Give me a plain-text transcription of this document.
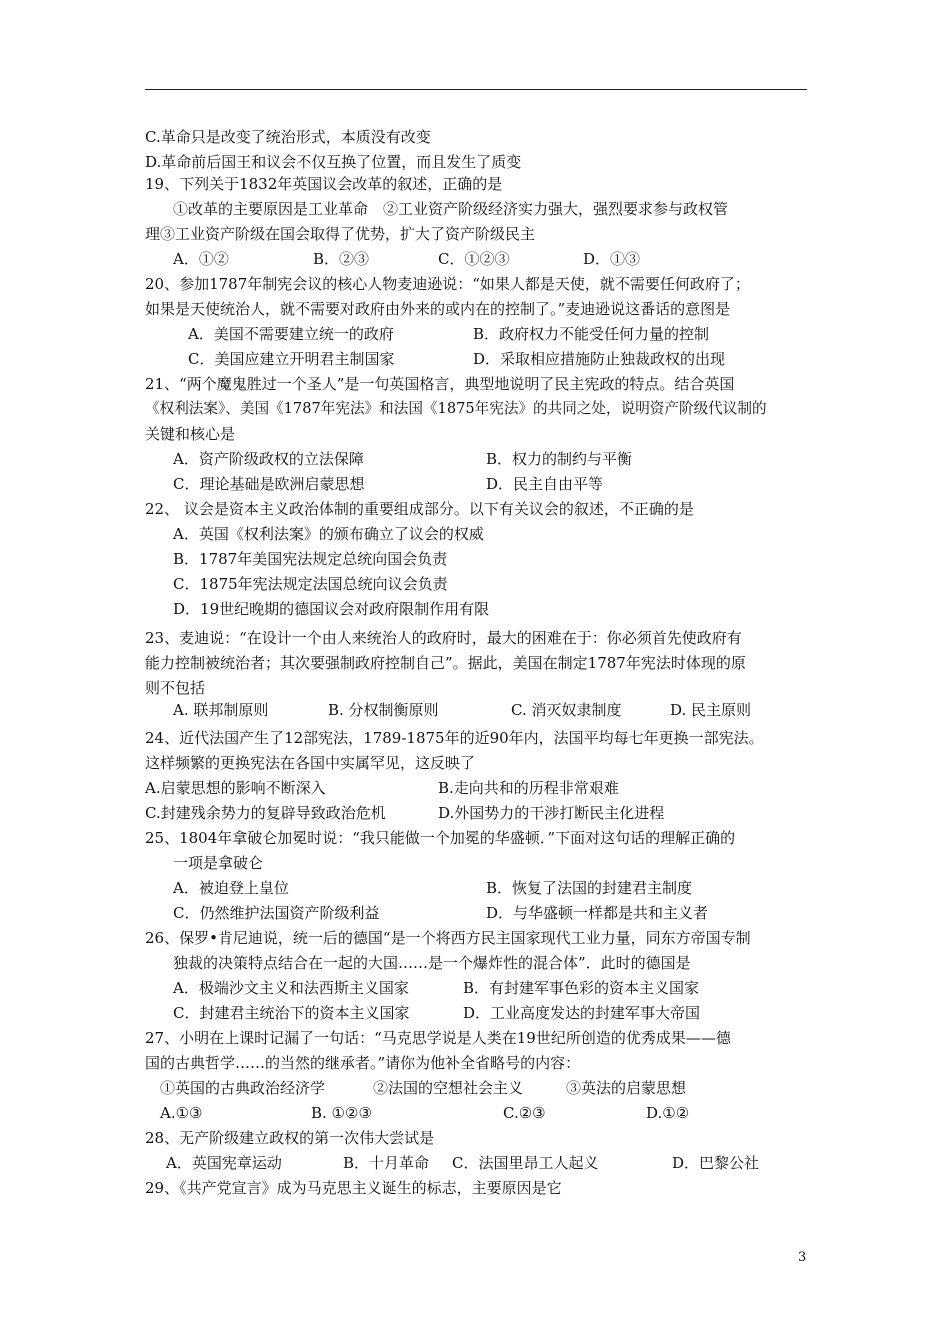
C.革命只是改变了统治形式，本质没有改变
D.革命前后国王和议会不仅互换了位置，而且发生了质变
19、下列关于1832年英国议会改革的叙述，正确的是
①改革的主要原因是工业革命　②工业资产阶级经济实力强大，强烈要求参与政权管
理③工业资产阶级在国会取得了优势，扩大了资产阶级民主
A．①②	B．②③	C．①②③	D．①③
20、参加1787年制宪会议的核心人物麦迪逊说：“如果人都是天使，就不需要任何政府了；
如果是天使统治人，就不需要对政府由外来的或内在的控制了。”麦迪逊说这番话的意图是
A．美国不需要建立统一的政府	B．政府权力不能受任何力量的控制
C．美国应建立开明君主制国家	D．采取相应措施防止独裁政权的出现
21、“两个魔鬼胜过一个圣人”是一句英国格言，典型地说明了民主宪政的特点。结合英国
《权利法案》、美国《1787年宪法》和法国《1875年宪法》的共同之处，说明资产阶级代议制的
关键和核心是
A．资产阶级政权的立法保障	B．权力的制约与平衡
C．理论基础是欧洲启蒙思想	D．民主自由平等
22、 议会是资本主义政治体制的重要组成部分。以下有关议会的叙述，不正确的是
A．英国《权利法案》的颁布确立了议会的权威
B．1787年美国宪法规定总统向国会负责
C．1875年宪法规定法国总统向议会负责
D．19世纪晚期的德国议会对政府限制作用有限
23、麦迪说：“在设计一个由人来统治人的政府时，最大的困难在于：你必须首先使政府有
能力控制被统治者；其次要强制政府控制自己”。据此，美国在制定1787年宪法时体现的原
则不包括
A. 联邦制原则	B. 分权制衡原则	C. 消灭奴隶制度	D. 民主原则
24、近代法国产生了12部宪法，1789-1875年的近90年内，法国平均每七年更换一部宪法。
这样频繁的更换宪法在各国中实属罕见，这反映了
A.启蒙思想的影响不断深入	B.走向共和的历程非常艰难
C.封建残余势力的复辟导致政治危机	D.外国势力的干涉打断民主化进程
25、1804年拿破仑加冕时说：“我只能做一个加冕的华盛顿．”下面对这句话的理解正确的
一项是拿破仑
A．被迫登上皇位	B．恢复了法国的封建君主制度
C．仍然维护法国资产阶级利益	D．与华盛顿一样都是共和主义者
26、保罗•肯尼迪说，统一后的德国“是一个将西方民主国家现代工业力量，同东方帝国专制
独裁的决策特点结合在一起的大国……是一个爆炸性的混合体”．此时的德国是
A．极端沙文主义和法西斯主义国家	B．有封建军事色彩的资本主义国家
C．封建君主统治下的资本主义国家	D．工业高度发达的封建军事大帝国
27、小明在上课时记漏了一句话：“马克思学说是人类在19世纪所创造的优秀成果——德
国的古典哲学……的当然的继承者。”请你为他补全省略号的内容：
①英国的古典政治经济学	②法国的空想社会主义	③英法的启蒙思想
A.①③	B. ①②③	C.②③	D.①②
28、无产阶级建立政权的第一次伟大尝试是
A．英国宪章运动	B．十月革命 C．法国里昂工人起义	D．巴黎公社
29、《共产党宣言》成为马克思主义诞生的标志，主要原因是它
3
